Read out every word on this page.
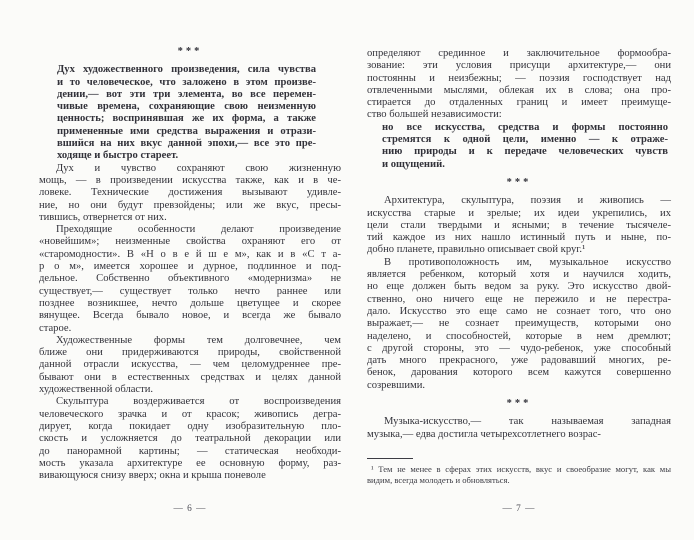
***
Дух художественного произведения, сила чувства
и то человеческое, что заложено в этом произве-
дении,— вот эти три элемента, во все перемен-
чивые времена, сохраняющие свою неизменную
ценность; воспринявшая же их форма, а также
примененные ими средства выражения и отрази-
вшийся на них вкус данной эпохи,— все это пре-
ходяще и быстро стареет.
Дух и чувство сохраняют свою жизненную
мощь, — в произведении искусства также, как и в че-
ловеке. Технические достижения вызывают удивле-
ние, но они будут превзойдены; или же вкус, пресы-
тившись, отвернется от них.
Преходящие особенности делают произведение
«новейшим»; неизменные свойства охраняют его от
«старомодности». В «Н о в е й ш е м», как и в «С т а-
р о м», имеется хорошее и дурное, подлинное и под-
дельное. Собственно объективного «модернизма» не
существует,— существует только нечто раннее или
позднее возникшее, нечто дольше цветущее и скорее
вянущее. Всегда бывало новое, и всегда же бывало
старое.
Художественные формы тем долговечнее, чем
ближе они придерживаются природы, свойственной
данной отрасли искусства, — чем целомудреннее пре-
бывают они в естественных средствах и целях данной
художественной области.
Скульптура воздерживается от воспроизведения
человеческого зрачка и от красок; живопись дегра-
дирует, когда покидает одну изобразительную пло-
скость и усложняется до театральной декорации или
до панорамной картины; — статическая необходи-
мость указала архитектуре ее основную форму, раз-
вивающуюся снизу вверх; окна и крыша поневоле
— 6 —
определяют срединное и заключительное формообра-
зование: эти условия присущи архитектуре,— они
постоянны и неизбежны; — поэзия господствует над
отвлеченными мыслями, облекая их в слова; она про-
стирается до отдаленных границ и имеет преимуще-
ство большей независимости:
но все искусства, средства и формы постоянно
стремятся к одной цели, именно — к отраже-
нию природы и к передаче человеческих чувств
и ощущений.
***
Архитектура, скульптура, поэзия и живопись —
искусства старые и зрелые; их идеи укрепились, их
цели стали твердыми и ясными; в течение тысячеле-
тий каждое из них нашло истинный путь и ныне, по-
добно планете, правильно описывает свой круг.¹
В противоположность им, музыкальное искусство
является ребенком, который хотя и научился ходить,
но еще должен быть ведом за руку. Это искусство двой-
ственно, оно ничего еще не пережило и не перестра-
дало. Искусство это еще само не сознает того, что оно
выражает,— не сознает преимуществ, которыми оно
наделено, и способностей, которые в нем дремлют;
с другой стороны, это — чудо-ребенок, уже способный
дать много прекрасного, уже радовавший многих, ре-
бенок, дарования которого всем кажутся совершенно
созревшими.
***
Музыка-искусство,— так называемая западная
музыка,— едва достигла четырехсотлетнего возрас-
¹ Тем не менее в сферах этих искусств, вкус и своеобразие могут, как мы
видим, всегда молодеть и обновляться.
— 7 —
